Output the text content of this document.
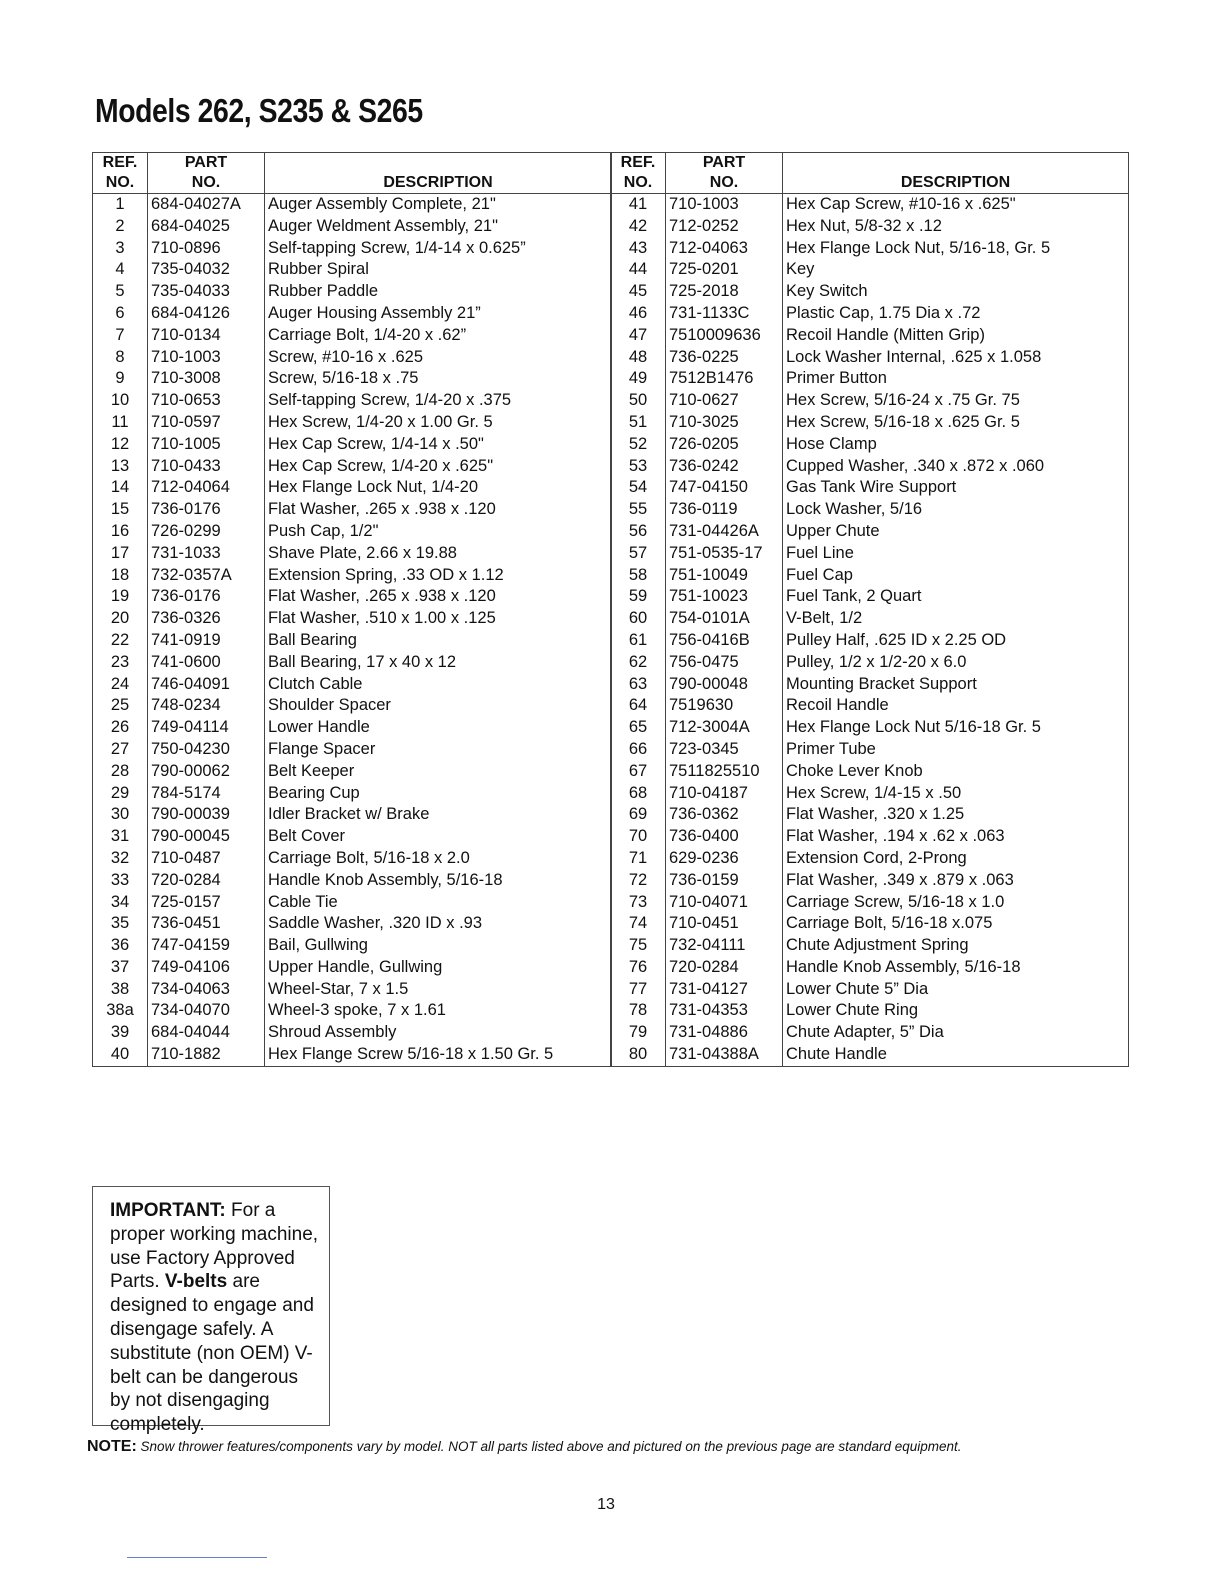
Models 262, S235 & S265
REF.
NO.	PART
NO.	DESCRIPTION
1	684-04027A	Auger Assembly Complete, 21"
2	684-04025	Auger Weldment Assembly, 21"
3	710-0896	Self-tapping Screw, 1/4-14 x 0.625”
4	735-04032	Rubber Spiral
5	735-04033	Rubber Paddle
6	684-04126	Auger Housing Assembly 21”
7	710-0134	Carriage Bolt, 1/4-20 x .62”
8	710-1003	Screw, #10-16 x .625
9	710-3008	Screw, 5/16-18 x .75
10	710-0653	Self-tapping Screw, 1/4-20 x .375
11	710-0597	Hex Screw, 1/4-20 x 1.00 Gr. 5
12	710-1005	Hex Cap Screw, 1/4-14 x .50"
13	710-0433	Hex Cap Screw, 1/4-20 x .625"
14	712-04064	Hex Flange Lock Nut, 1/4-20
15	736-0176	Flat Washer, .265 x .938 x .120
16	726-0299	Push Cap, 1/2"
17	731-1033	Shave Plate, 2.66 x 19.88
18	732-0357A	Extension Spring, .33 OD x 1.12
19	736-0176	Flat Washer, .265 x .938 x .120
20	736-0326	Flat Washer, .510 x 1.00 x .125
22	741-0919	Ball Bearing
23	741-0600	Ball Bearing, 17 x 40 x 12
24	746-04091	Clutch Cable
25	748-0234	Shoulder Spacer
26	749-04114	Lower Handle
27	750-04230	Flange Spacer
28	790-00062	Belt Keeper
29	784-5174	Bearing Cup
30	790-00039	Idler Bracket w/ Brake
31	790-00045	Belt Cover
32	710-0487	Carriage Bolt, 5/16-18 x 2.0
33	720-0284	Handle Knob Assembly, 5/16-18
34	725-0157	Cable Tie
35	736-0451	Saddle Washer, .320 ID x .93
36	747-04159	Bail, Gullwing
37	749-04106	Upper Handle, Gullwing
38	734-04063	Wheel-Star, 7 x 1.5
38a	734-04070	Wheel-3 spoke, 7 x 1.61
39	684-04044	Shroud Assembly
40	710-1882	Hex Flange Screw 5/16-18 x 1.50 Gr. 5
REF.
NO.	PART
NO.	DESCRIPTION
41	710-1003	Hex Cap Screw, #10-16 x .625"
42	712-0252	Hex Nut, 5/8-32 x .12
43	712-04063	Hex Flange Lock Nut, 5/16-18, Gr. 5
44	725-0201	Key
45	725-2018	Key Switch
46	731-1133C	Plastic Cap, 1.75 Dia x .72
47	7510009636	Recoil Handle (Mitten Grip)
48	736-0225	Lock Washer Internal, .625 x 1.058
49	7512B1476	Primer Button
50	710-0627	Hex Screw, 5/16-24 x .75 Gr. 75
51	710-3025	Hex Screw, 5/16-18 x .625 Gr. 5
52	726-0205	Hose Clamp
53	736-0242	Cupped Washer, .340 x .872 x .060
54	747-04150	Gas Tank Wire Support
55	736-0119	Lock Washer, 5/16
56	731-04426A	Upper Chute
57	751-0535-17	Fuel Line
58	751-10049	Fuel Cap
59	751-10023	Fuel Tank, 2 Quart
60	754-0101A	V-Belt, 1/2
61	756-0416B	Pulley Half, .625 ID x 2.25 OD
62	756-0475	Pulley, 1/2 x 1/2-20 x 6.0
63	790-00048	Mounting Bracket Support
64	7519630	Recoil Handle
65	712-3004A	Hex Flange Lock Nut 5/16-18 Gr. 5
66	723-0345	Primer Tube
67	7511825510	Choke Lever Knob
68	710-04187	Hex Screw, 1/4-15 x .50
69	736-0362	Flat Washer, .320 x 1.25
70	736-0400	Flat Washer, .194 x .62 x .063
71	629-0236	Extension Cord, 2-Prong
72	736-0159	Flat Washer, .349 x .879 x .063
73	710-04071	Carriage Screw, 5/16-18 x 1.0
74	710-0451	Carriage Bolt, 5/16-18 x.075
75	732-04111	Chute Adjustment Spring
76	720-0284	Handle Knob Assembly, 5/16-18
77	731-04127	Lower Chute 5” Dia
78	731-04353	Lower Chute Ring
79	731-04886	Chute Adapter, 5” Dia
80	731-04388A	Chute Handle
IMPORTANT: For a proper working machine, use Factory Approved Parts. V-belts are designed to engage and disengage safely. A substitute (non OEM) V-belt can be dangerous by not disengaging completely.
NOTE: Snow thrower features/components vary by model. NOT all parts listed above and pictured on the previous page are standard equipment.
13
